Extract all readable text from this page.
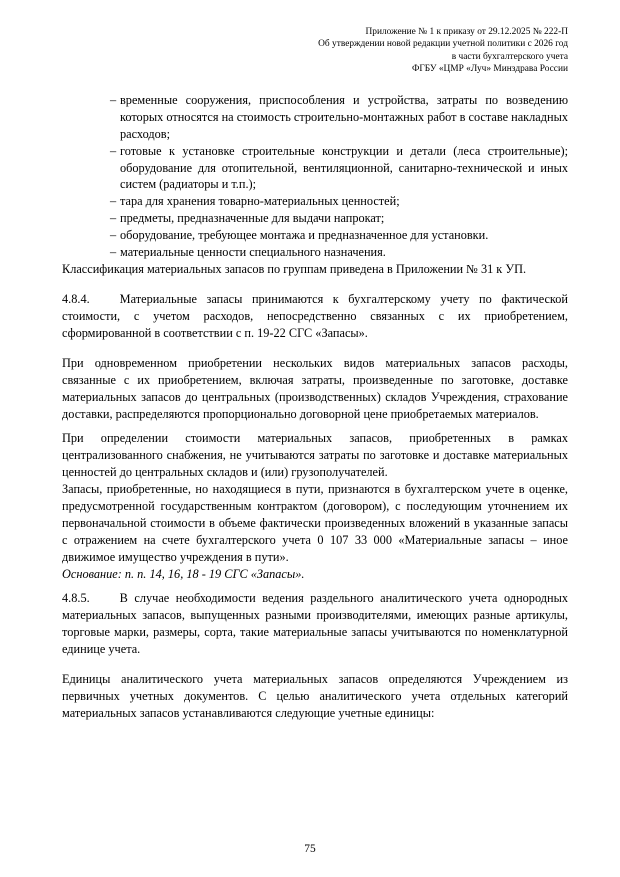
Приложение № 1 к приказу от 29.12.2025 № 222-П
Об утверждении новой редакции учетной политики с 2026 год
в части бухгалтерского учета
ФГБУ «ЦМР «Луч» Минздрава России
– временные сооружения, приспособления и устройства, затраты по возведению которых относятся на стоимость строительно-монтажных работ в составе накладных расходов;
– готовые к установке строительные конструкции и детали (леса строительные); оборудование для отопительной, вентиляционной, санитарно-технической и иных систем (радиаторы и т.п.);
– тара для хранения товарно-материальных ценностей;
– предметы, предназначенные для выдачи напрокат;
– оборудование, требующее монтажа и предназначенное для установки.
– материальные ценности специального назначения.

Классификация материальных запасов по группам приведена в Приложении № 31 к УП.

4.8.4. Материальные запасы принимаются к бухгалтерскому учету по фактической стоимости, с учетом расходов, непосредственно связанных с их приобретением, сформированной в соответствии с п. 19-22 СГС «Запасы».

При одновременном приобретении нескольких видов материальных запасов расходы, связанные с их приобретением, включая затраты, произведенные по заготовке, доставке материальных запасов до центральных (производственных) складов Учреждения, страхование доставки, распределяются пропорционально договорной цене приобретаемых материалов.

При определении стоимости материальных запасов, приобретенных в рамках централизованного снабжения, не учитываются затраты по заготовке и доставке материальных ценностей до центральных складов и (или) грузополучателей.

Запасы, приобретенные, но находящиеся в пути, признаются в бухгалтерском учете в оценке, предусмотренной государственным контрактом (договором), с последующим уточнением их первоначальной стоимости в объеме фактически произведенных вложений в указанные запасы с отражением на счете бухгалтерского учета 0 107 33 000 «Материальные запасы – иное движимое имущество учреждения в пути».

Основание: п. п. 14, 16, 18 - 19 СГС «Запасы».

4.8.5. В случае необходимости ведения раздельного аналитического учета однородных материальных запасов, выпущенных разными производителями, имеющих разные артикулы, торговые марки, размеры, сорта, такие материальные запасы учитываются по номенклатурной единице учета.

Единицы аналитического учета материальных запасов определяются Учреждением из первичных учетных документов. С целью аналитического учета отдельных категорий материальных запасов устанавливаются следующие учетные единицы:

75
